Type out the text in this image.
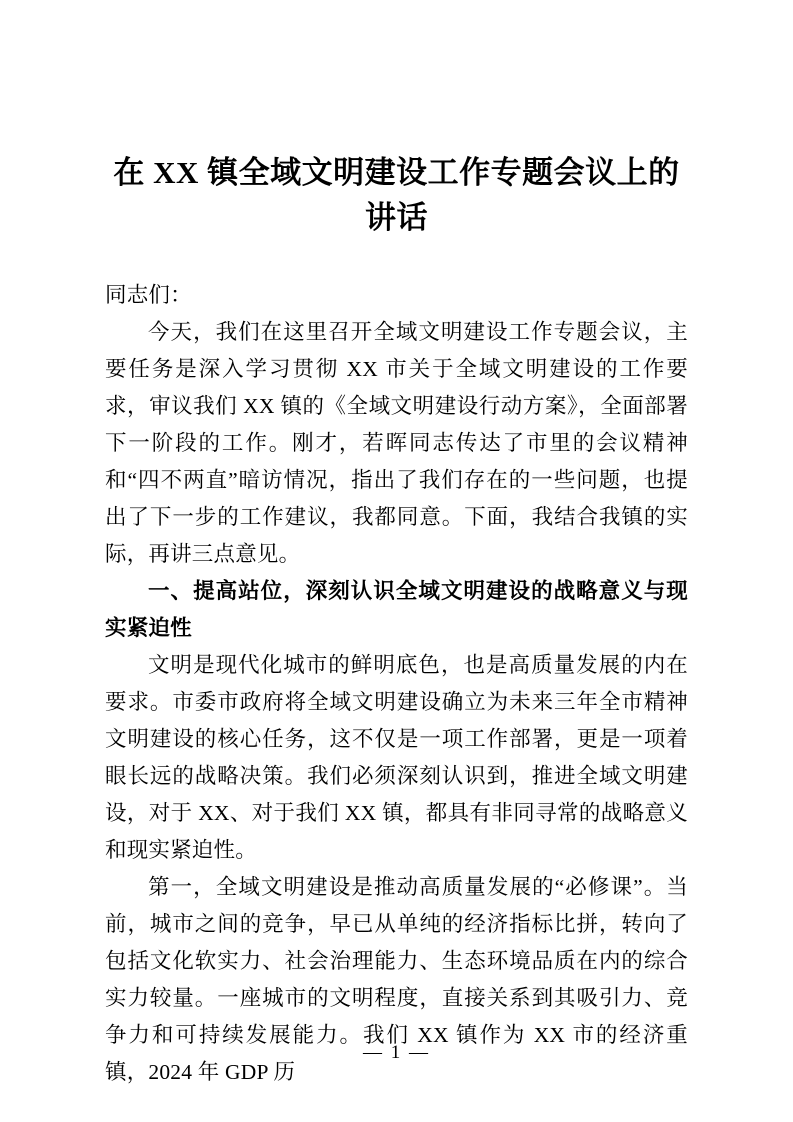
在 XX 镇全域文明建设工作专题会议上的
讲话

同志们：

今天，我们在这里召开全域文明建设工作专题会议，主要任务是深入学习贯彻 XX 市关于全域文明建设的工作要求，审议我们 XX 镇的《全域文明建设行动方案》，全面部署下一阶段的工作。刚才，若晖同志传达了市里的会议精神和“四不两直”暗访情况，指出了我们存在的一些问题，也提出了下一步的工作建议，我都同意。下面，我结合我镇的实际，再讲三点意见。

一、提高站位，深刻认识全域文明建设的战略意义与现实紧迫性

文明是现代化城市的鲜明底色，也是高质量发展的内在要求。市委市政府将全域文明建设确立为未来三年全市精神文明建设的核心任务，这不仅是一项工作部署，更是一项着眼长远的战略决策。我们必须深刻认识到，推进全域文明建设，对于 XX、对于我们 XX 镇，都具有非同寻常的战略意义和现实紧迫性。

第一，全域文明建设是推动高质量发展的“必修课”。当前，城市之间的竞争，早已从单纯的经济指标比拼，转向了包括文化软实力、社会治理能力、生态环境品质在内的综合实力较量。一座城市的文明程度，直接关系到其吸引力、竞争力和可持续发展能力。我们 XX 镇作为 XX 市的经济重镇，2024 年 GDP 历

— 1 —
